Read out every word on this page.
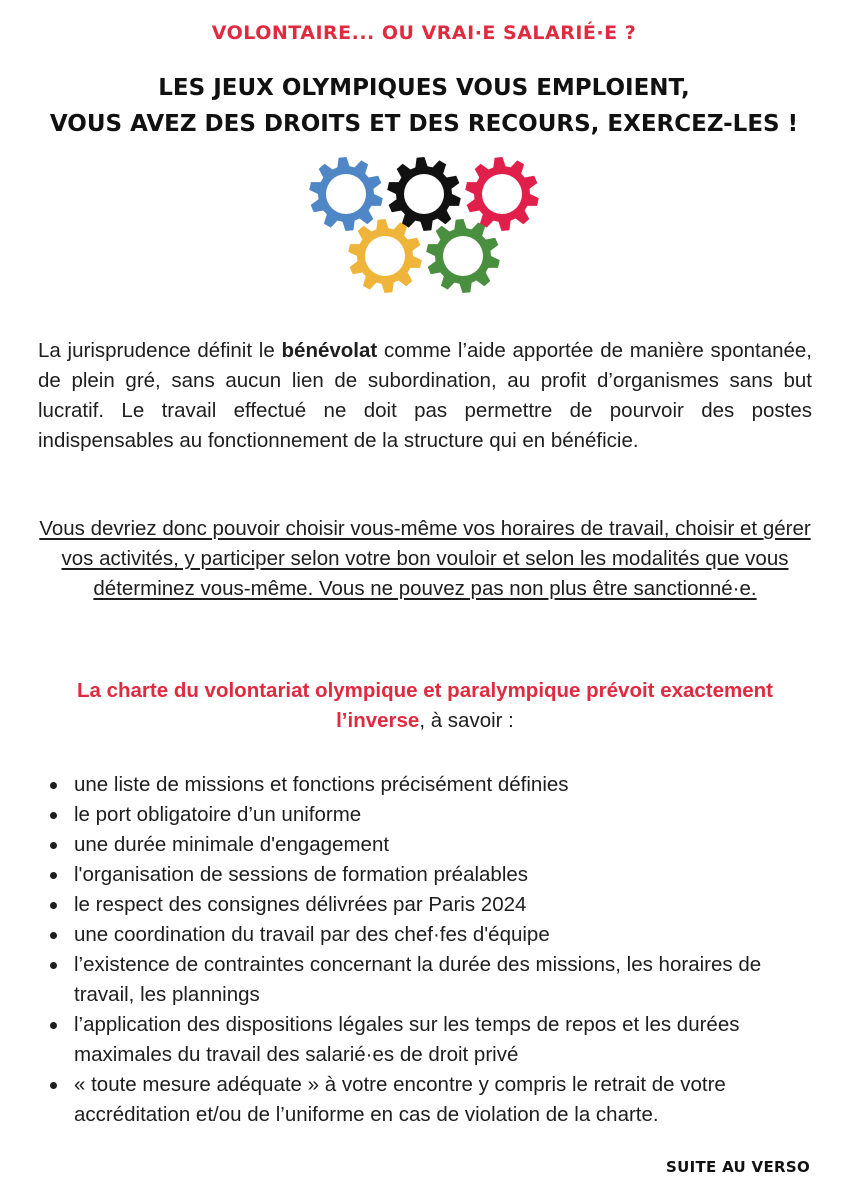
VOLONTAIRE... OU VRAI·E SALARIÉ·E ?
LES JEUX OLYMPIQUES VOUS EMPLOIENT,
VOUS AVEZ DES DROITS ET DES RECOURS, EXERCEZ-LES !
La jurisprudence définit le bénévolat comme l’aide apportée de manière spontanée, de plein gré, sans aucun lien de subordination, au profit d’organismes sans but lucratif. Le travail effectué ne doit pas permettre de pourvoir des postes indispensables au fonctionnement de la structure qui en bénéficie.
Vous devriez donc pouvoir choisir vous-même vos horaires de travail, choisir et gérer vos activités, y participer selon votre bon vouloir et selon les modalités que vous déterminez vous-même. Vous ne pouvez pas non plus être sanctionné·e.
La charte du volontariat olympique et paralympique prévoit exactement l’inverse, à savoir :
une liste de missions et fonctions précisément définies
le port obligatoire d’un uniforme
une durée minimale d'engagement
l'organisation de sessions de formation préalables
le respect des consignes délivrées par Paris 2024
une coordination du travail par des chef·fes d'équipe
l’existence de contraintes concernant la durée des missions, les horaires de travail, les plannings
l’application des dispositions légales sur les temps de repos et les durées maximales du travail des salarié·es de droit privé
« toute mesure adéquate » à votre encontre y compris le retrait de votre accréditation et/ou de l’uniforme en cas de violation de la charte.
SUITE AU VERSO
